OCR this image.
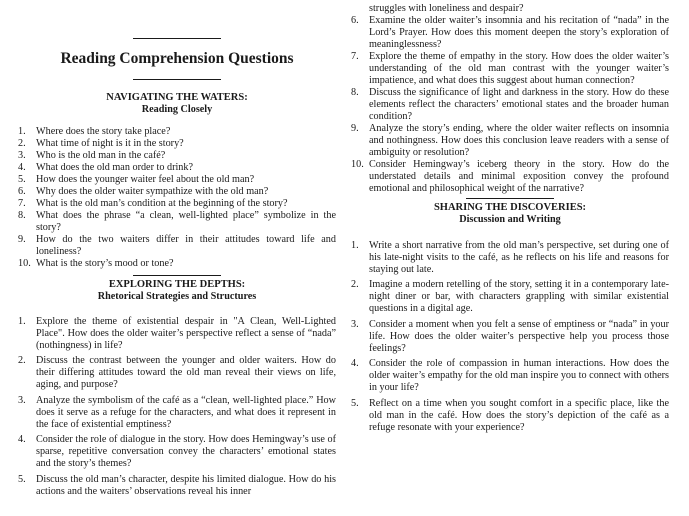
Reading Comprehension Questions
NAVIGATING THE WATERS:
Reading Closely
1.	Where does the story take place?
2.	What time of night is it in the story?
3.	Who is the old man in the café?
4.	What does the old man order to drink?
5.	How does the younger waiter feel about the old man?
6.	Why does the older waiter sympathize with the old man?
7.	What is the old man’s condition at the beginning of the story?
8.	What does the phrase “a clean, well-lighted place” symbolize in the story?
9.	How do the two waiters differ in their attitudes toward life and loneliness?
10. What is the story’s mood or tone?
EXPLORING THE DEPTHS:
Rhetorical Strategies and Structures
1.	Explore the theme of existential despair in "A Clean, Well-Lighted Place". How does the older waiter’s perspective reflect a sense of “nada” (nothingness) in life?
2.	Discuss the contrast between the younger and older waiters. How do their differing attitudes toward the old man reveal their views on life, aging, and purpose?
3.	Analyze the symbolism of the café as a “clean, well-lighted place.” How does it serve as a refuge for the characters, and what does it represent in the face of existential emptiness?
4.	Consider the role of dialogue in the story. How does Hemingway’s use of sparse, repetitive conversation convey the characters’ emotional states and the story’s themes?
5.	Discuss the old man’s character, despite his limited dialogue. How do his actions and the waiters’ observations reveal his inner
struggles with loneliness and despair?
6.	Examine the older waiter’s insomnia and his recitation of “nada” in the Lord’s Prayer. How does this moment deepen the story’s exploration of meaninglessness?
7.	Explore the theme of empathy in the story. How does the older waiter’s understanding of the old man contrast with the younger waiter’s impatience, and what does this suggest about human connection?
8.	Discuss the significance of light and darkness in the story. How do these elements reflect the characters’ emotional states and the broader human condition?
9.	Analyze the story’s ending, where the older waiter reflects on insomnia and nothingness. How does this conclusion leave readers with a sense of ambiguity or resolution?
10. Consider Hemingway’s iceberg theory in the story. How do the understated details and minimal exposition convey the profound emotional and philosophical weight of the narrative?
SHARING THE DISCOVERIES:
Discussion and Writing
1.	Write a short narrative from the old man’s perspective, set during one of his late-night visits to the café, as he reflects on his life and reasons for staying out late.
2.	Imagine a modern retelling of the story, setting it in a contemporary late-night diner or bar, with characters grappling with similar existential questions in a digital age.
3.	Consider a moment when you felt a sense of emptiness or “nada” in your life. How does the older waiter’s perspective help you process those feelings?
4.	Consider the role of compassion in human interactions. How does the older waiter’s empathy for the old man inspire you to connect with others in your life?
5.	Reflect on a time when you sought comfort in a specific place, like the old man in the café. How does the story’s depiction of the café as a refuge resonate with your experience?
